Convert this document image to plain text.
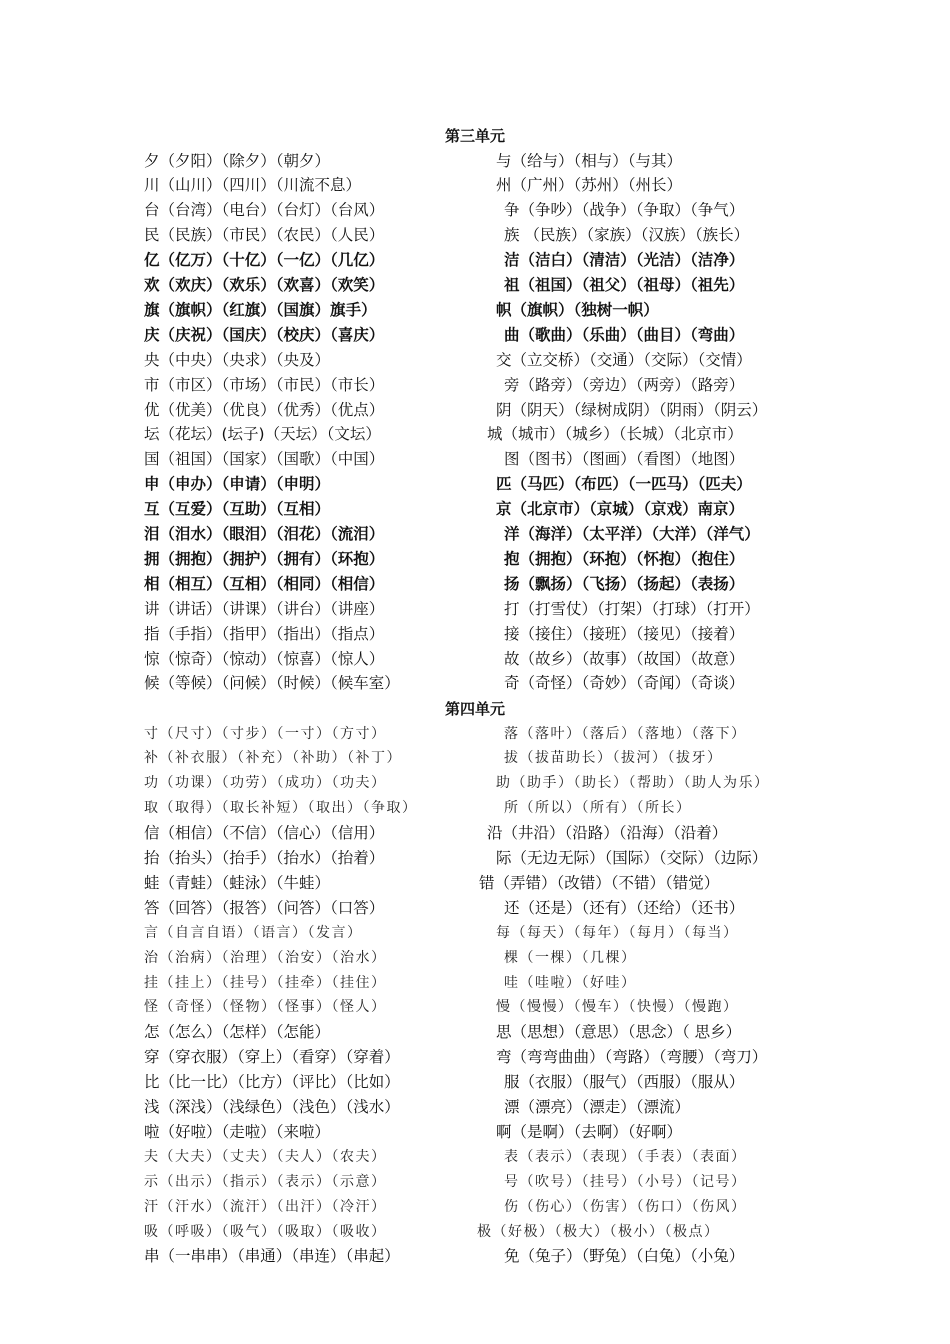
第三单元
夕（夕阳）（除夕）（朝夕）	与（给与）（相与）（与其）
川（山川）（四川）（川流不息）	州（广州）（苏州）（州长）
台（台湾）（电台）（台灯）（台风）	争（争吵）（战争）（争取）（争气）
民（民族）（市民）（农民）（人民）	族 （民族）（家族）（汉族）（族长）
亿（亿万）（十亿）（一亿）（几亿）	洁（洁白）（清洁）（光洁）（洁净）
欢（欢庆）（欢乐）（欢喜）（欢笑）	祖（祖国）（祖父）（祖母）（祖先）
旗（旗帜）（红旗）（国旗）旗手）	帜（旗帜）（独树一帜）
庆（庆祝）（国庆）（校庆）（喜庆）	曲（歌曲）（乐曲）（曲目）（弯曲）
央（中央）（央求）（央及）	交（立交桥）（交通）（交际）（交情）
市（市区）（市场）（市民）（市长）	旁（路旁）（旁边）（两旁）（路旁）
优（优美）（优良）（优秀）（优点）	阴（阴天）（绿树成阴）（阴雨）（阴云）
坛（花坛）(坛子)（天坛）（文坛）	城（城市）（城乡）（长城）（北京市）
国（祖国）（国家）（国歌）（中国）	图（图书）（图画）（看图）（地图）
申（申办）（申请）（申明）	匹（马匹）（布匹）（一匹马）（匹夫）
互（互爱）（互助）（互相）	京（北京市）（京城）（京戏）南京）
泪（泪水）（眼泪）（泪花）（流泪）	洋（海洋）（太平洋）（大洋）（洋气）
拥（拥抱）（拥护）（拥有）（环抱）	抱（拥抱）（环抱）（怀抱）（抱住）
相（相互）（互相）（相同）（相信）	扬（飘扬）（飞扬）（扬起）（表扬）
讲（讲话）（讲课）（讲台）（讲座）	打（打雪仗）（打架）（打球）（打开）
指（手指）（指甲）（指出）（指点）	接（接住）（接班）（接见）（接着）
惊（惊奇）（惊动）（惊喜）（惊人）	故（故乡）（故事）（故国）（故意）
候（等候）（问候）（时候）（候车室）	奇（奇怪）（奇妙）（奇闻）（奇谈）
第四单元
寸（尺寸）（寸步）（一寸）（方寸）	落（落叶）（落后）（落地）（落下）
补（补衣服）（补充）（补助）（补丁）	拔（拔苗助长）（拔河）（拔牙）
功（功课）（功劳）（成功）（功夫）	助（助手）（助长）（帮助）（助人为乐）
取（取得）（取长补短）（取出）（争取）	所（所以）（所有）（所长）
信（相信）（不信）（信心）（信用）	沿（井沿）（沿路）（沿海）（沿着）
抬（抬头）（抬手）（抬水）（抬着）	际（无边无际）（国际）（交际）（边际）
蛙（青蛙）（蛙泳）（牛蛙）	错（弄错）（改错）（不错）（错觉）
答（回答）（报答）（问答）（口答）	还（还是）（还有）（还给）（还书）
言（自言自语）（语言）（发言）	每（每天）（每年）（每月）（每当）
治（治病）（治理）（治安）（治水）	棵（一棵）（几棵）
挂（挂上）（挂号）（挂牵）（挂住）	哇（哇啦）（好哇）
怪（奇怪）（怪物）（怪事）（怪人）	慢（慢慢）（慢车）（快慢）（慢跑）
怎（怎么）（怎样）（怎能）	思（思想）（意思）（思念）（ 思乡）
穿（穿衣服）（穿上）（看穿）（穿着）	弯（弯弯曲曲）（弯路）（弯腰）（弯刀）
比（比一比）（比方）（评比）（比如）	服（衣服）（服气）（西服）（服从）
浅（深浅）（浅绿色）（浅色）（浅水）	漂（漂亮）（漂走）（漂流）
啦（好啦）（走啦）（来啦）	啊（是啊）（去啊）（好啊）
夫（大夫）（丈夫）（夫人）（农夫）	表（表示）（表现）（手表）（表面）
示（出示）（指示）（表示）（示意）	号（吹号）（挂号）（小号）（记号）
汗（汗水）（流汗）（出汗）（冷汗）	伤（伤心）（伤害）（伤口）（伤风）
吸（呼吸）（吸气）（吸取）（吸收）	极（好极）（极大）（极小）（极点）
串（一串串）（串通）（串连）（串起）	免（兔子）（野兔）（白兔）（小兔）
